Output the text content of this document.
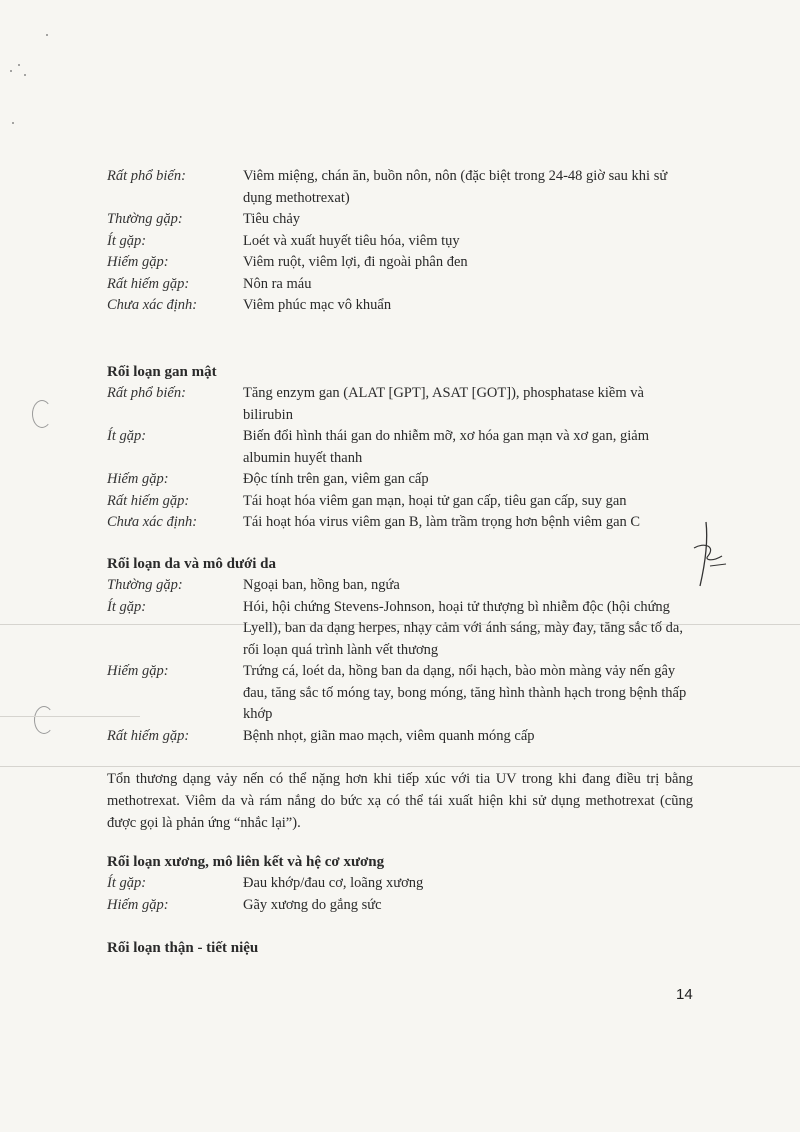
Rất phổ biến:	Viêm miệng, chán ăn, buồn nôn, nôn (đặc biệt trong 24-48 giờ sau khi sử dụng methotrexat)
Thường gặp:	Tiêu chảy
Ít gặp:	Loét và xuất huyết tiêu hóa, viêm tụy
Hiếm gặp:	Viêm ruột, viêm lợi, đi ngoài phân đen
Rất hiếm gặp:	Nôn ra máu
Chưa xác định:	Viêm phúc mạc vô khuẩn
Rối loạn gan mật
Rất phổ biến:	Tăng enzym gan (ALAT [GPT], ASAT [GOT]), phosphatase kiềm và bilirubin
Ít gặp:	Biến đổi hình thái gan do nhiễm mỡ, xơ hóa gan mạn và xơ gan, giảm albumin huyết thanh
Hiếm gặp:	Độc tính trên gan, viêm gan cấp
Rất hiếm gặp:	Tái hoạt hóa viêm gan mạn, hoại tử gan cấp, tiêu gan cấp, suy gan
Chưa xác định:	Tái hoạt hóa virus viêm gan B, làm trầm trọng hơn bệnh viêm gan C
Rối loạn da và mô dưới da
Thường gặp:	Ngoại ban, hồng ban, ngứa
Ít gặp:	Hói, hội chứng Stevens-Johnson, hoại tử thượng bì nhiễm độc (hội chứng Lyell), ban da dạng herpes, nhạy cảm với ánh sáng, mày đay, tăng sắc tố da, rối loạn quá trình lành vết thương
Hiếm gặp:	Trứng cá, loét da, hồng ban da dạng, nổi hạch, bào mòn màng vảy nến gây đau, tăng sắc tố móng tay, bong móng, tăng hình thành hạch trong bệnh thấp khớp
Rất hiếm gặp:	Bệnh nhọt, giãn mao mạch, viêm quanh móng cấp
Tổn thương dạng vảy nến có thể nặng hơn khi tiếp xúc với tia UV trong khi đang điều trị bằng methotrexat. Viêm da và rám nắng do bức xạ có thể tái xuất hiện khi sử dụng methotrexat (cũng được gọi là phản ứng “nhắc lại”).
Rối loạn xương, mô liên kết và hệ cơ xương
Ít gặp:	Đau khớp/đau cơ, loãng xương
Hiếm gặp:	Gãy xương do gắng sức
Rối loạn thận - tiết niệu
14
